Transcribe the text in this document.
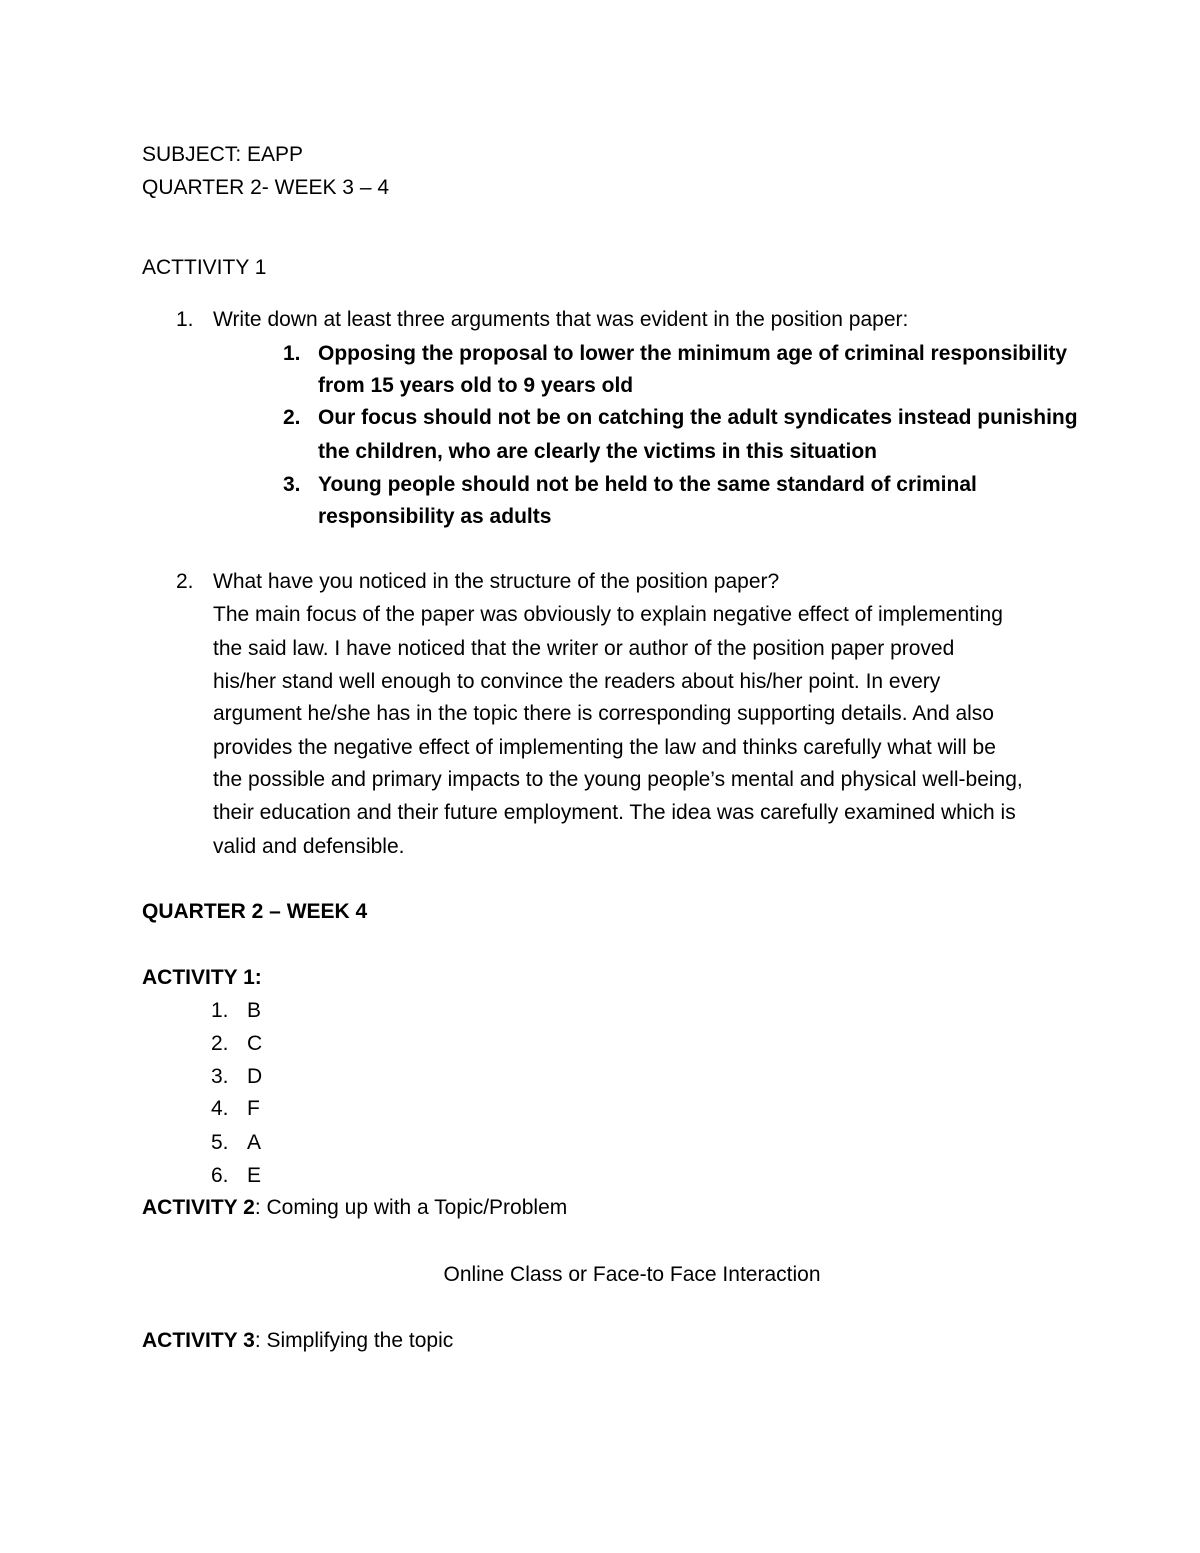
SUBJECT: EAPP
QUARTER 2- WEEK 3 – 4
ACTTIVITY 1
1. Write down at least three arguments that was evident in the position paper:
1. Opposing the proposal to lower the minimum age of criminal responsibility
from 15 years old to 9 years old
2. Our focus should not be on catching the adult syndicates instead punishing
the children, who are clearly the victims in this situation
3. Young people should not be held to the same standard of criminal
responsibility as adults
2. What have you noticed in the structure of the position paper?
The main focus of the paper was obviously to explain negative effect of implementing
the said law. I have noticed that the writer or author of the position paper proved
his/her stand well enough to convince the readers about his/her point. In every
argument he/she has in the topic there is corresponding supporting details. And also
provides the negative effect of implementing the law and thinks carefully what will be
the possible and primary impacts to the young people’s mental and physical well-being,
their education and their future employment. The idea was carefully examined which is
valid and defensible.
QUARTER 2 – WEEK 4
ACTIVITY 1:
1. B
2. C
3. D
4. F
5. A
6. E
ACTIVITY 2: Coming up with a Topic/Problem
Online Class or Face-to Face Interaction
ACTIVITY 3: Simplifying the topic
